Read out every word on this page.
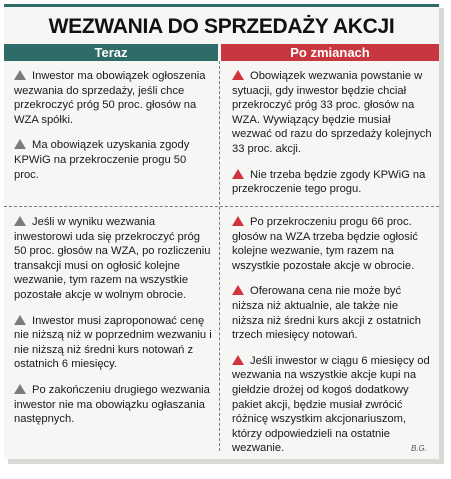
WEZWANIA DO SPRZEDAŻY AKCJI
Teraz	Po zmianach

Inwestor ma obowiązek ogłoszenia wezwania do sprzedaży, jeśli chce przekroczyć próg 50 proc. głosów na WZA spółki.

Ma obowiązek uzyskania zgody KPWiG na przekroczenie progu 50 proc.

Obowiązek wezwania powstanie w sytuacji, gdy inwestor będzie chciał przekroczyć próg 33 proc. głosów na WZA. Wywiązący będzie musiał wezwać od razu do sprzedaży kolejnych 33 proc. akcji.

Nie trzeba będzie zgody KPWiG na przekroczenie tego progu.

Jeśli w wyniku wezwania inwestorowi uda się przekroczyć próg 50 proc. głosów na WZA, po rozliczeniu transakcji musi on ogłosić kolejne wezwanie, tym razem na wszystkie pozostałe akcje w wolnym obrocie.

Inwestor musi zaproponować cenę nie niższą niż w poprzednim wezwaniu i nie niższą niż średni kurs notowań z ostatnich 6 miesięcy.

Po zakończeniu drugiego wezwania inwestor nie ma obowiązku ogłaszania następnych.

Po przekroczeniu progu 66 proc. głosów na WZA trzeba będzie ogłosić kolejne wezwanie, tym razem na wszystkie pozostałe akcje w obrocie.

Oferowana cena nie może być niższa niż aktualnie, ale także nie niższa niż średni kurs akcji z ostatnich trzech miesięcy notowań.

Jeśli inwestor w ciągu 6 miesięcy od wezwania na wszystkie akcje kupi na giełdzie drożej od kogoś dodatkowy pakiet akcji, będzie musiał zwrócić różnicę wszystkim akcjonariuszom, którzy odpowiedzieli na ostatnie wezwanie.	B.G.
